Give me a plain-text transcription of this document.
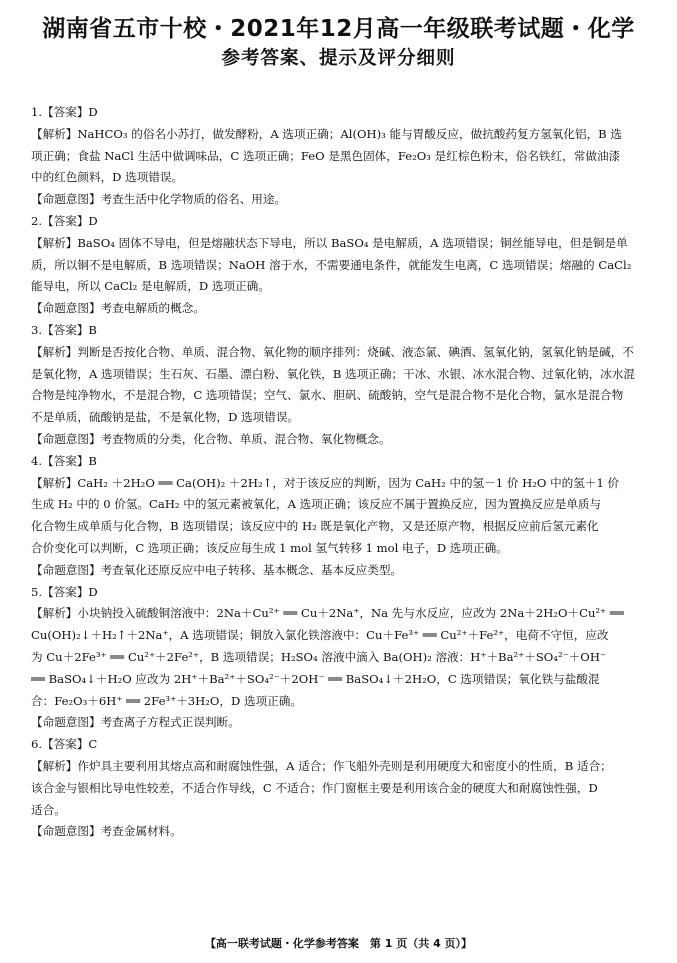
湖南省五市十校・2021年12月高一年级联考试题・化学
参考答案、提示及评分细则
1.【答案】D
【解析】NaHCO₃ 的俗名小苏打，做发酵粉，A 选项正确；Al(OH)₃ 能与胃酸反应，做抗酸药复方氢氧化铝，B 选
项正确；食盐 NaCl 生活中做调味品，C 选项正确；FeO 是黑色固体，Fe₂O₃ 是红棕色粉末，俗名铁红，常做油漆
中的红色颜料，D 选项错误。
【命题意图】考查生活中化学物质的俗名、用途。
2.【答案】D
【解析】BaSO₄ 固体不导电，但是熔融状态下导电，所以 BaSO₄ 是电解质，A 选项错误；铜丝能导电，但是铜是单
质，所以铜不是电解质，B 选项错误；NaOH 溶于水，不需要通电条件，就能发生电离，C 选项错误；熔融的 CaCl₂
能导电，所以 CaCl₂ 是电解质，D 选项正确。
【命题意图】考查电解质的概念。
3.【答案】B
【解析】判断是否按化合物、单质、混合物、氧化物的顺序排列：烧碱、液态氯、碘酒、氢氧化钠，氢氧化钠是碱，不
是氧化物，A 选项错误；生石灰、石墨、漂白粉、氧化铁，B 选项正确；干冰、水银、冰水混合物、过氧化钠，冰水混
合物是纯净物水，不是混合物，C 选项错误；空气、氯水、胆矾、硫酸钠，空气是混合物不是化合物，氯水是混合物
不是单质，硫酸钠是盐，不是氧化物，D 选项错误。
【命题意图】考查物质的分类，化合物、单质、混合物、氧化物概念。
4.【答案】B
【解析】CaH₂ ＋2H₂O ══ Ca(OH)₂ ＋2H₂↑，对于该反应的判断，因为 CaH₂ 中的氢－1 价 H₂O 中的氢＋1 价
生成 H₂ 中的 0 价氢。CaH₂ 中的氢元素被氧化，A 选项正确；该反应不属于置换反应，因为置换反应是单质与
化合物生成单质与化合物，B 选项错误；该反应中的 H₂ 既是氧化产物，又是还原产物，根据反应前后氢元素化
合价变化可以判断，C 选项正确；该反应每生成 1 mol 氢气转移 1 mol 电子，D 选项正确。
【命题意图】考查氧化还原反应中电子转移、基本概念、基本反应类型。
5.【答案】D
【解析】小块钠投入硫酸铜溶液中：2Na＋Cu²⁺ ══ Cu＋2Na⁺，Na 先与水反应，应改为 2Na＋2H₂O＋Cu²⁺ ══
Cu(OH)₂↓＋H₂↑＋2Na⁺，A 选项错误；铜放入氯化铁溶液中：Cu＋Fe³⁺ ══ Cu²⁺＋Fe²⁺，电荷不守恒，应改
为 Cu＋2Fe³⁺ ══ Cu²⁺＋2Fe²⁺，B 选项错误；H₂SO₄ 溶液中滴入 Ba(OH)₂ 溶液：H⁺＋Ba²⁺＋SO₄²⁻＋OH⁻
══ BaSO₄↓＋H₂O 应改为 2H⁺＋Ba²⁺＋SO₄²⁻＋2OH⁻ ══ BaSO₄↓＋2H₂O，C 选项错误；氧化铁与盐酸混
合：Fe₂O₃＋6H⁺ ══ 2Fe³⁺＋3H₂O，D 选项正确。
【命题意图】考查离子方程式正误判断。
6.【答案】C
【解析】作炉具主要利用其熔点高和耐腐蚀性强，A 适合；作飞船外壳则是利用硬度大和密度小的性质，B 适合；
该合金与银相比导电性较差，不适合作导线，C 不适合；作门窗框主要是利用该合金的硬度大和耐腐蚀性强，D
适合。
【命题意图】考查金属材料。
【高一联考试题・化学参考答案　第 1 页（共 4 页）】
